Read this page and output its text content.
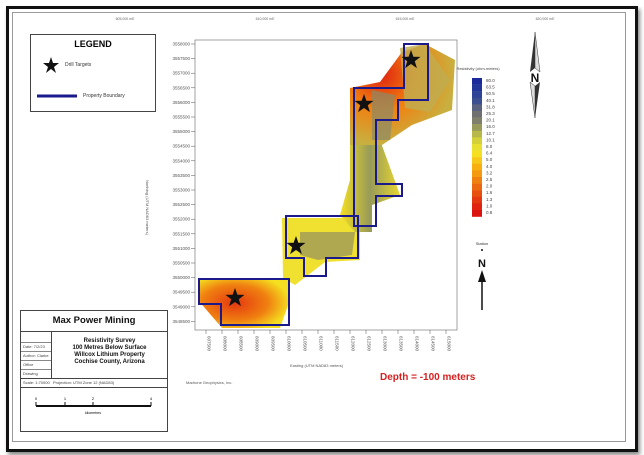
3558000
3557500
3557000
3556500
3556000
3555500
3555000
3554500
3554000
3553500
3553000
3552500
3552000
3551500
3551000
3550500
3550000
3549500
3549000
3548500
607500 608000 608500 609000 609500 610000 610500 611000 611500 612000 612500 613000 613500 614000 614500 615000
605,000 mE	610,000 mE	615,000 mE	620,000 mE
80.0
63.5
50.5
40.1
31.8
25.3
20.1
16.0
12.7
10.1
8.0
6.4
5.0
4.0
3.2
2.5
2.0
1.6
1.3
1.0
0.8
Resistivity (ohm-meters)
N
Station
N
LEGEND
Drill Targets
Property Boundary
Max Power Mining
Date: 7/2/23
Author: Clarke
Office
Drawing
Resistivity Survey
100 Metres Below Surface
Willcox Lithium Property
Cochise County, Arizona
Scale: 1:70000 Projection: UTM Zone 12 (NAD83)
0	1	2	4
kilometres
Easting (UTM NAD83 meters)
Northing (UTM NAD83 meters)
Madrone Geophysics, Inc.	Depth = -100 meters
